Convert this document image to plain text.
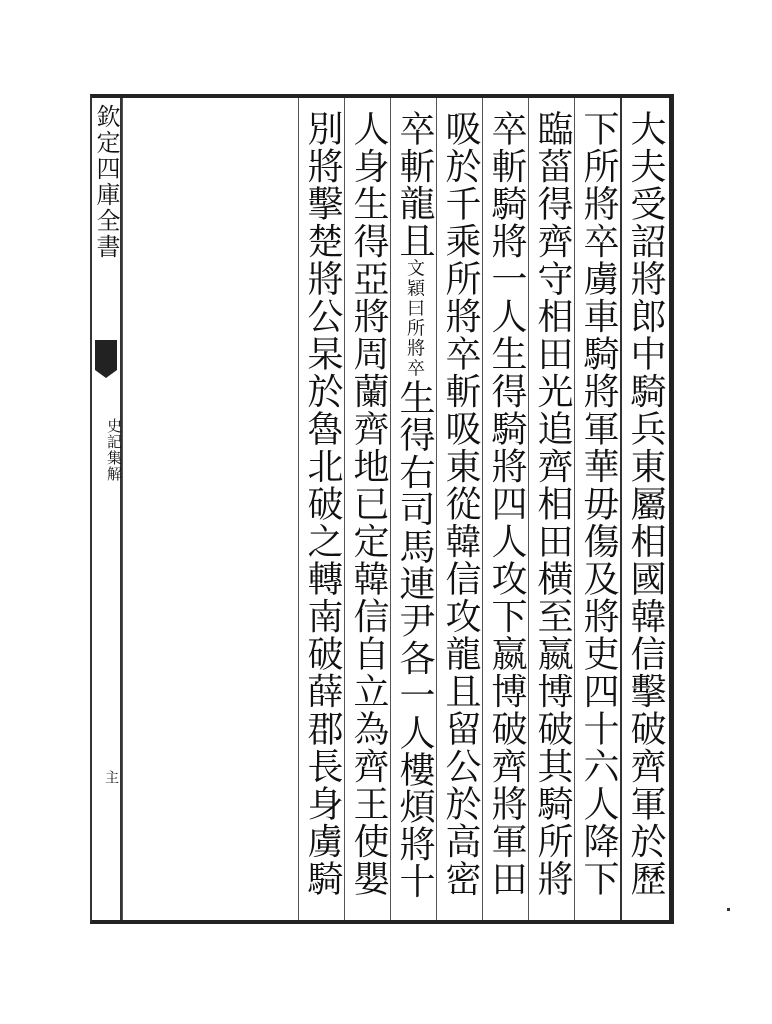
欽定四庫全書
史記集解
主	大夫受詔將郎中騎兵東屬相國韓信擊破齊軍於歷
下所將卒虜車騎將軍華毋傷及將吏四十六人降下
臨菑得齊守相田光追齊相田横至嬴博破其騎所將
卒斬騎將一人生得騎將四人攻下嬴博破齊將軍田
吸於千乘所將卒斬吸東從韓信攻龍且留公於高密
卒斬龍且文穎曰所將卒生得右司馬連尹各一人樓煩將十
人身生得亞將周蘭齊地已定韓信自立為齊王使嬰
別將擊楚將公杲於魯北破之轉南破薛郡長身虜騎
